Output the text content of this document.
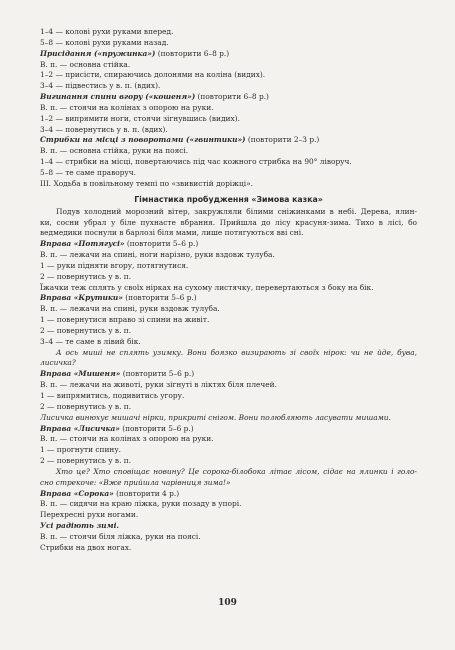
1–4 — колові рухи руками вперед.
5–8 — колові рухи руками назад.
Присідання («пружинка») (повторити 6–8 р.)
В. п. — основна стійка.
1–2 — присісти, спираючись долонями на коліна (видих).
3–4 — підвестись у в. п. (вдих).
Вигинання спини вгору («кошеня») (повторити 6–8 р.)
В. п. — стоячи на колінах з опорою на руки.
1–2 — випрямити ноги, стоячи зігнувшись (видих).
3–4 — повернутись у в. п. (вдих).
Стрибки на місці з поворотами («гвинтики») (повторити 2–3 р.)
В. п. — основна стійка, руки на поясі.
1–4 — стрибки на місці, повертаючись під час кожного стрибка на 90° ліворуч.
5–8 — те саме праворуч.
III. Ходьба в повільному темпі по «звивистій доріжці».
Гімнастика пробудження «Зимова казка»
Подув холодний морозний вітер, закружляли білими сніжинками в небі. Дерева, ялин-
ки, сосни убрал у біле пухнасте вбрання. Прийшла до лісу красуня-зима. Тихо в лісі, бо
ведмедики поснули в барлозі біля мами, лише потягуються вві сні.
Вправа «Потягусі» (повторити 5–6 р.)
В. п. — лежачи на спині, ноги нарізно, руки вздовж тулуба.
1 — руки підняти вгору, потягнутися.
2 — повернутись у в. п.
Їжачки теж сплять у своїх нірках на сухому листячку, перевертаються з боку на бік.
Вправа «Крутики» (повторити 5–6 р.)
В. п. — лежачи на спині, руки вздовж тулуба.
1 — повернутися вправо зі спини на живіт.
2 — повернутись у в. п.
3–4 — те саме в лівий бік.
А ось миші не сплять узимку. Вони боязко визирають зі своїх нірок: чи не йде, бува,
лисичка?
Вправа «Мишеня» (повторити 5–6 р.)
В. п. — лежачи на животі, руки зігнуті в ліктях біля плечей.
1 — випрямитись, подивитись угору.
2 — повернутись у в. п.
Лисичка винюхує мишачі нірки, прикриті снігом. Вони полюбляють ласувати мишами.
Вправа «Лисичка» (повторити 5–6 р.)
В. п. — стоячи на колінах з опорою на руки.
1 — прогнути спину.
2 — повернутись у в. п.
Хто це? Хто сповіщає новину? Це сорока-білобока літає лісом, сідає на ялинки і голо-
сно стрекоче: «Вже прийшла чарівниця зима!»
Вправа «Сорока» (повторити 4 р.)
В. п. — сидячи на краю ліжка, руки позаду в упорі.
Перехресні рухи ногами.
Усі радіють зимі.
В. п. — стоячи біля ліжка, руки на поясі.
Стрибки на двох ногах.
109
